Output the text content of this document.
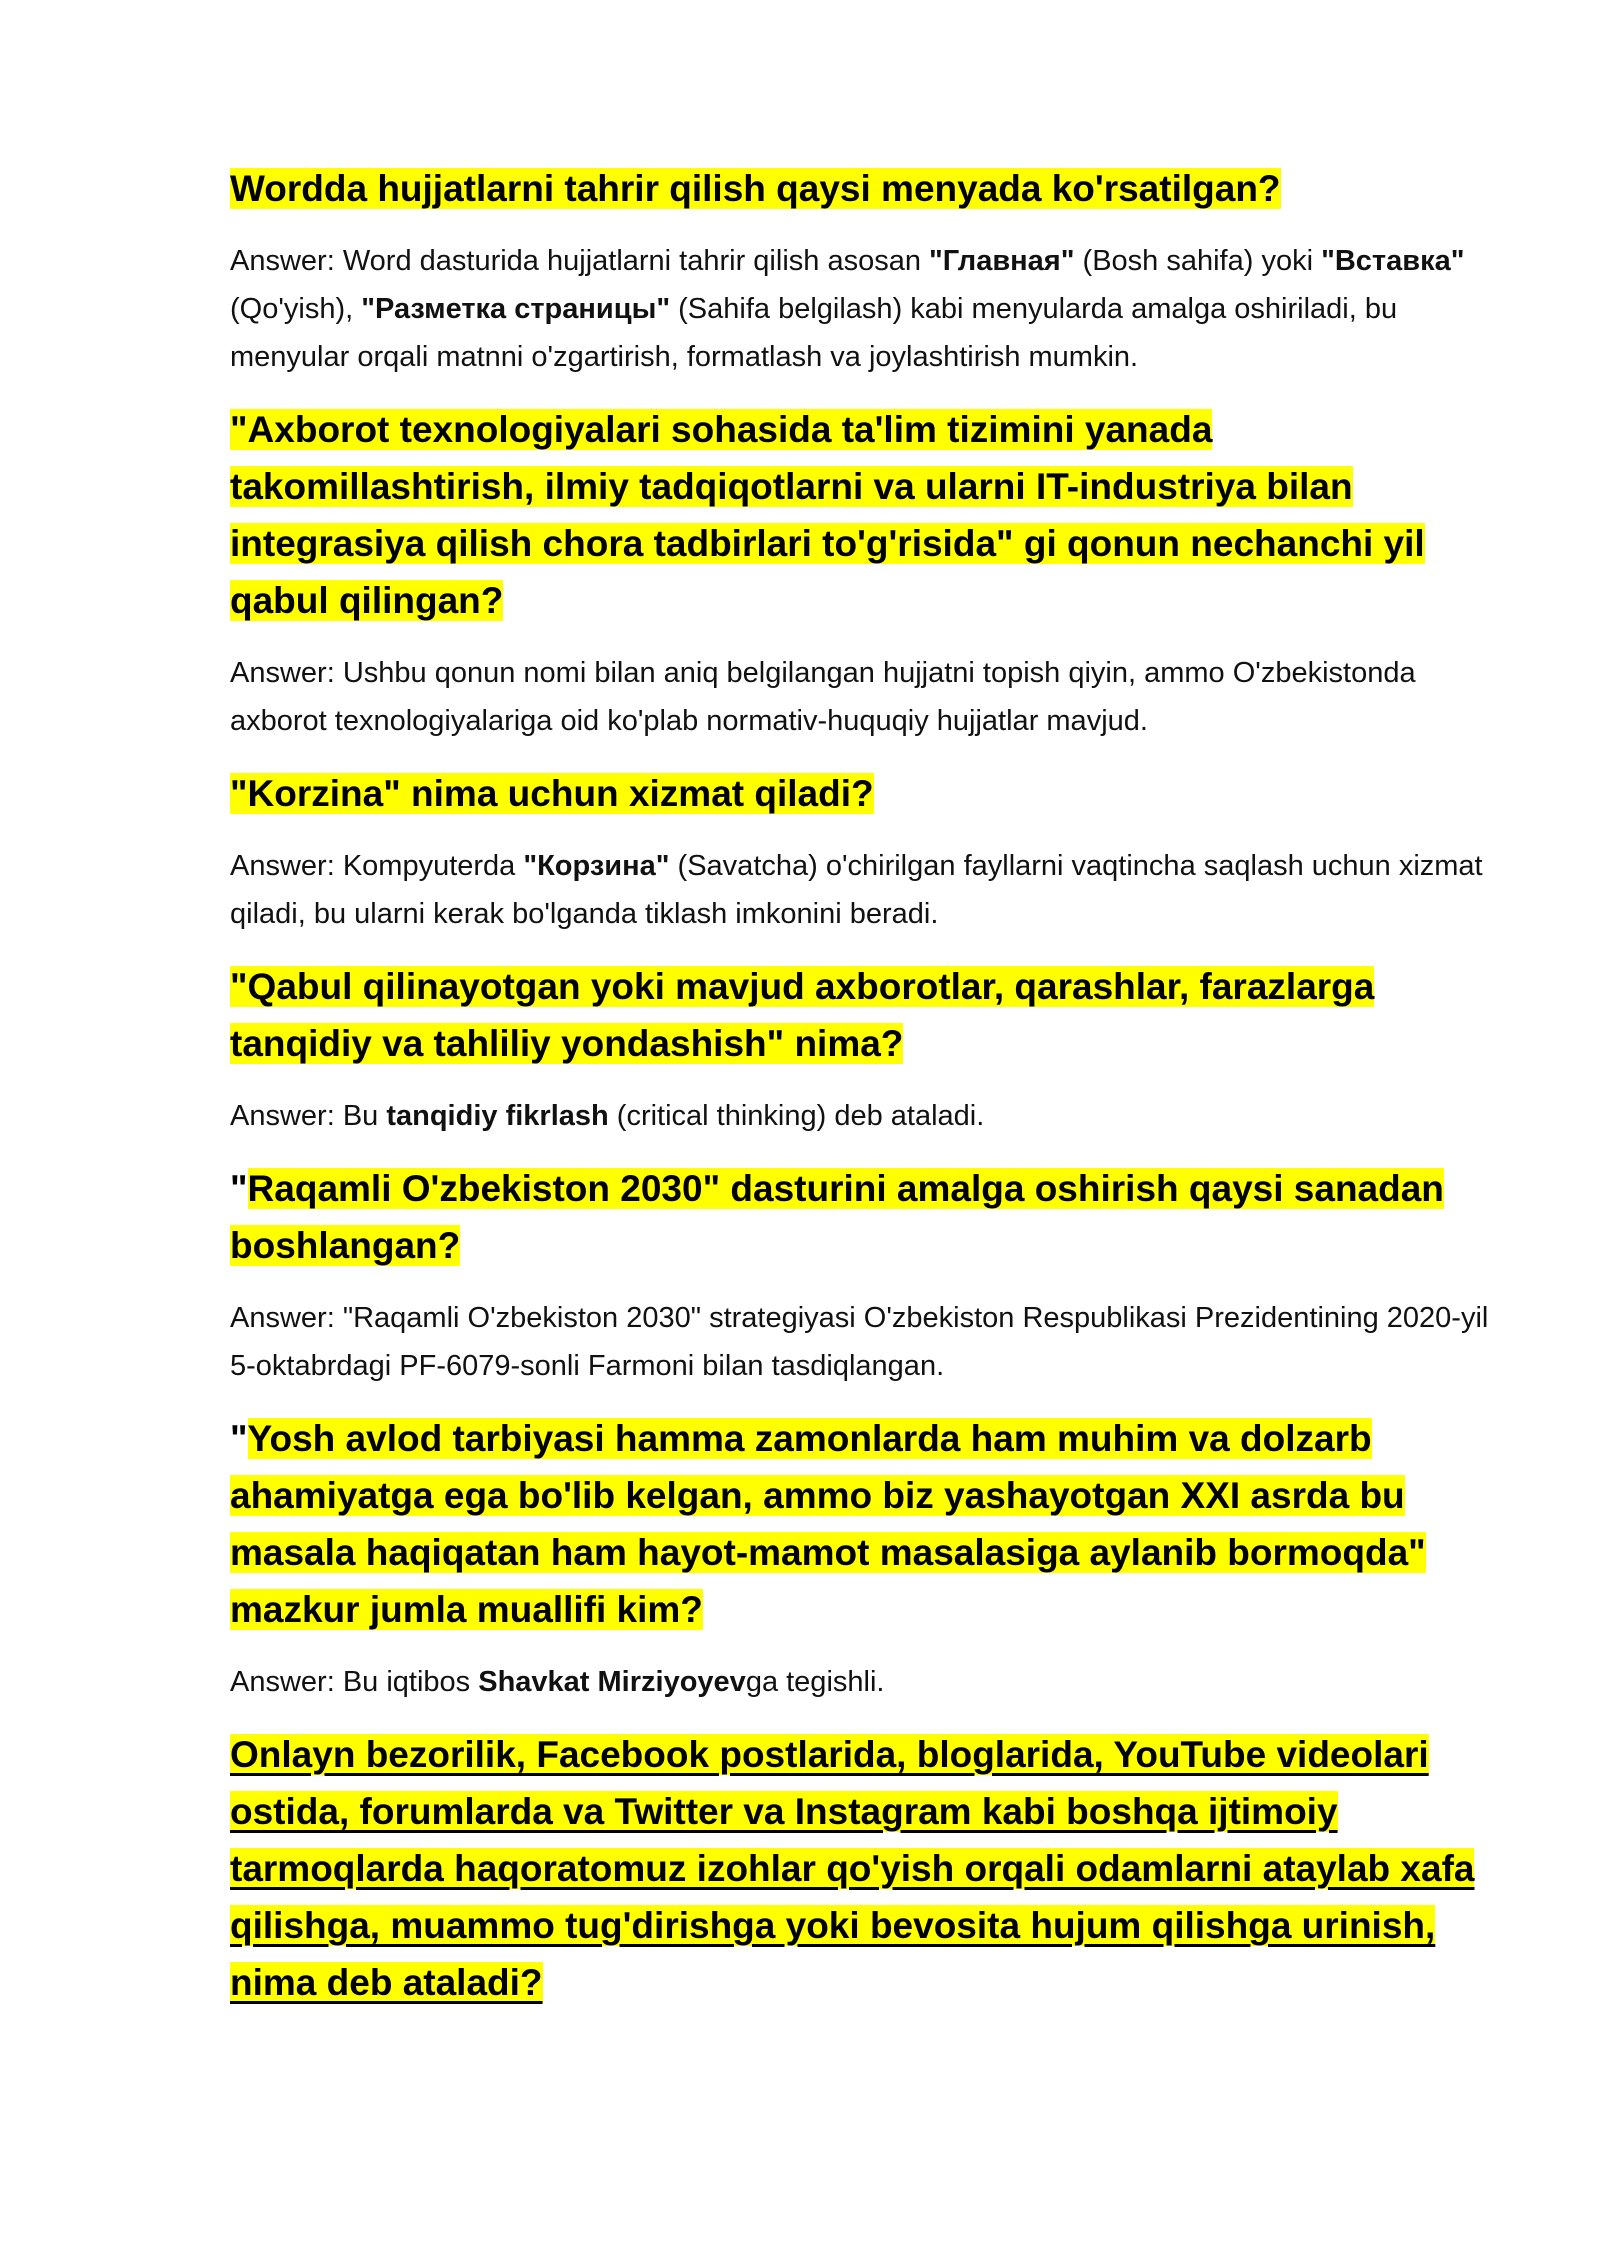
Wordda hujjatlarni tahrir qilish qaysi menyada ko'rsatilgan?

Answer: Word dasturida hujjatlarni tahrir qilish asosan "Главная" (Bosh sahifa) yoki "Вставка" (Qo'yish), "Разметка страницы" (Sahifa belgilash) kabi menyularda amalga oshiriladi, bu menyular orqali matnni o'zgartirish, formatlash va joylashtirish mumkin.

"Axborot texnologiyalari sohasida ta'lim tizimini yanada takomillashtirish, ilmiy tadqiqotlarni va ularni IT-industriya bilan integrasiya qilish chora tadbirlari to'g'risida" gi qonun nechanchi yil qabul qilingan?

Answer: Ushbu qonun nomi bilan aniq belgilangan hujjatni topish qiyin, ammo O'zbekistonda axborot texnologiyalariga oid ko'plab normativ-huquqiy hujjatlar mavjud.

"Korzina" nima uchun xizmat qiladi?

Answer: Kompyuterda "Корзина" (Savatcha) o'chirilgan fayllarni vaqtincha saqlash uchun xizmat qiladi, bu ularni kerak bo'lganda tiklash imkonini beradi.

"Qabul qilinayotgan yoki mavjud axborotlar, qarashlar, farazlarga tanqidiy va tahliliy yondashish" nima?

Answer: Bu tanqidiy fikrlash (critical thinking) deb ataladi.

"Raqamli O'zbekiston 2030" dasturini amalga oshirish qaysi sanadan boshlangan?

Answer: "Raqamli O'zbekiston 2030" strategiyasi O'zbekiston Respublikasi Prezidentining 2020-yil 5-oktabrdagi PF-6079-sonli Farmoni bilan tasdiqlangan.

"Yosh avlod tarbiyasi hamma zamonlarda ham muhim va dolzarb ahamiyatga ega bo'lib kelgan, ammo biz yashayotgan XXI asrda bu masala haqiqatan ham hayot-mamot masalasiga aylanib bormoqda" mazkur jumla muallifi kim?

Answer: Bu iqtibos Shavkat Mirziyoyevga tegishli.

Onlayn bezorilik, Facebook postlarida, bloglarida, YouTube videolari ostida, forumlarda va Twitter va Instagram kabi boshqa ijtimoiy tarmoqlarda haqoratomuz izohlar qo'yish orqali odamlarni ataylab xafa qilishga, muammo tug'dirishga yoki bevosita hujum qilishga urinish, nima deb ataladi?
